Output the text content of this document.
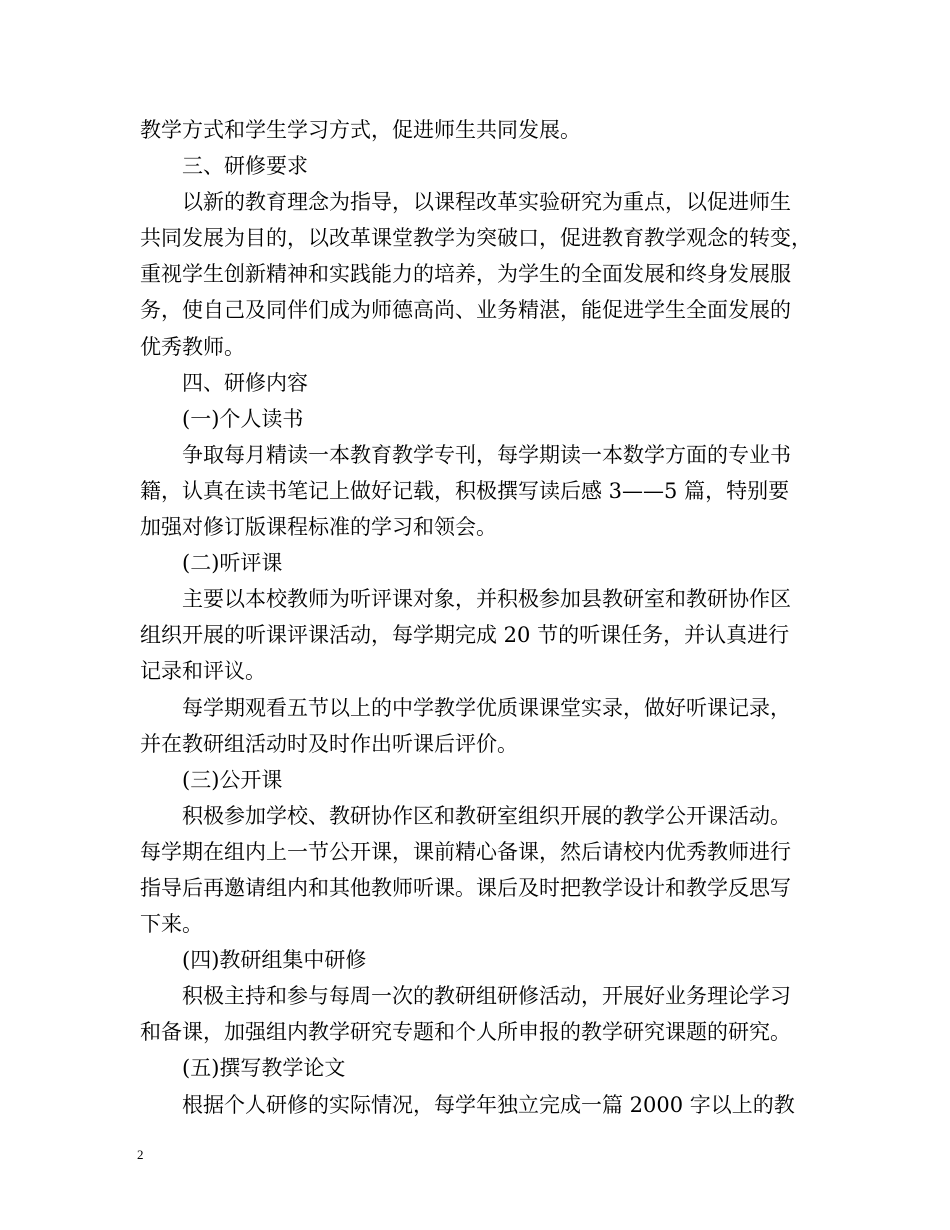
教学方式和学生学习方式，促进师生共同发展。
三、研修要求
以新的教育理念为指导，以课程改革实验研究为重点，以促进师生
共同发展为目的，以改革课堂教学为突破口，促进教育教学观念的转变，
重视学生创新精神和实践能力的培养，为学生的全面发展和终身发展服
务，使自己及同伴们成为师德高尚、业务精湛，能促进学生全面发展的
优秀教师。
四、研修内容
(一)个人读书
争取每月精读一本教育教学专刊，每学期读一本数学方面的专业书
籍，认真在读书笔记上做好记载，积极撰写读后感 3——5 篇，特别要
加强对修订版课程标准的学习和领会。
(二)听评课
主要以本校教师为听评课对象，并积极参加县教研室和教研协作区
组织开展的听课评课活动，每学期完成 20 节的听课任务，并认真进行
记录和评议。
每学期观看五节以上的中学教学优质课课堂实录，做好听课记录，
并在教研组活动时及时作出听课后评价。
(三)公开课
积极参加学校、教研协作区和教研室组织开展的教学公开课活动。
每学期在组内上一节公开课，课前精心备课，然后请校内优秀教师进行
指导后再邀请组内和其他教师听课。课后及时把教学设计和教学反思写
下来。
(四)教研组集中研修
积极主持和参与每周一次的教研组研修活动，开展好业务理论学习
和备课，加强组内教学研究专题和个人所申报的教学研究课题的研究。
(五)撰写教学论文
根据个人研修的实际情况，每学年独立完成一篇 2000 字以上的教
2
